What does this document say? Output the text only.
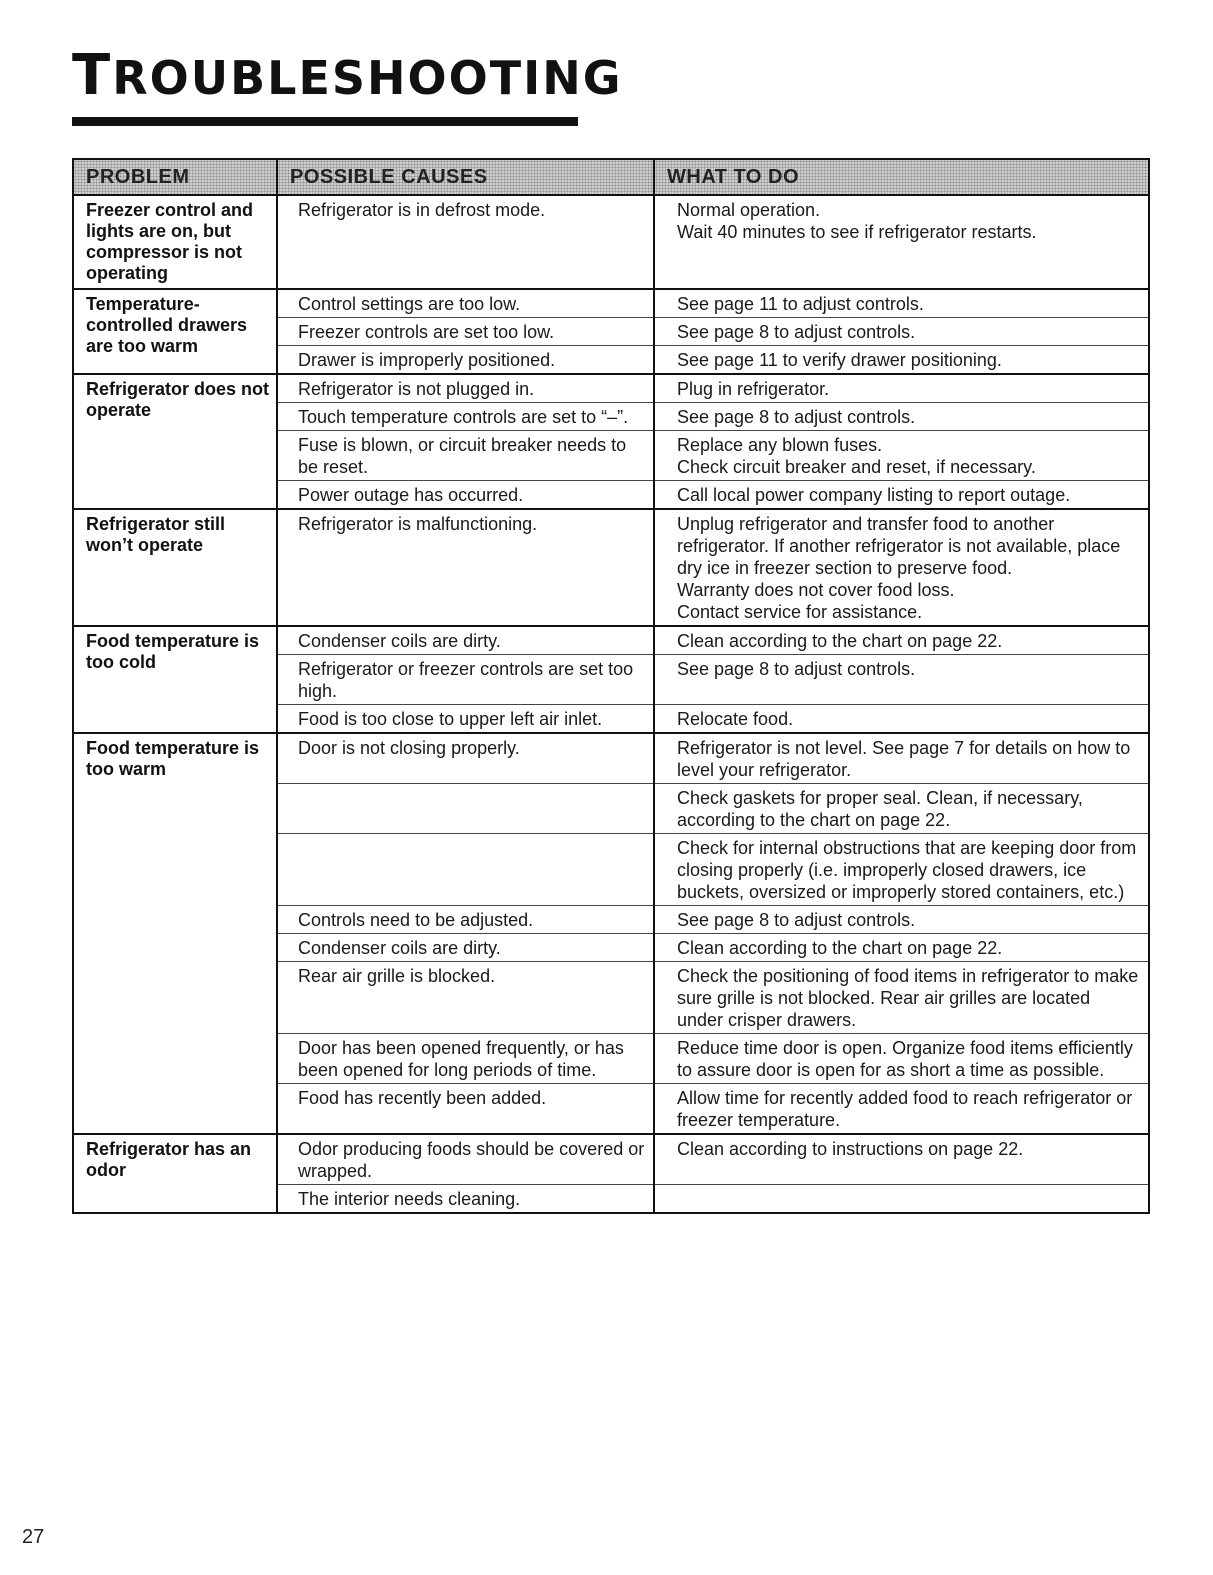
TROUBLESHOOTING
PROBLEM	POSSIBLE CAUSES	WHAT TO DO
Freezer control and lights are on, but compressor is not operating	Refrigerator is in defrost mode.	Normal operation.
Wait 40 minutes to see if refrigerator restarts.

Temperature-controlled drawers are too warm	Control settings are too low.	See page 11 to adjust controls.

	Freezer controls are set too low.	See page 8 to adjust controls.

	Drawer is improperly positioned.	See page 11 to verify drawer positioning.

Refrigerator does not operate	Refrigerator is not plugged in.	Plug in refrigerator.

	Touch temperature controls are set to “–”.	See page 8 to adjust controls.

	Fuse is blown, or circuit breaker needs to be reset.	Replace any blown fuses.
Check circuit breaker and reset, if necessary.

	Power outage has occurred.	Call local power company listing to report outage.

Refrigerator still won’t operate	Refrigerator is malfunctioning.	Unplug refrigerator and transfer food to another refrigerator. If another refrigerator is not available, place dry ice in freezer section to preserve food.
Warranty does not cover food loss.
Contact service for assistance.

Food temperature is too cold	Condenser coils are dirty.	Clean according to the chart on page 22.

	Refrigerator or freezer controls are set too high.	See page 8 to adjust controls.

	Food is too close to upper left air inlet.	Relocate food.

Food temperature is too warm	Door is not closing properly.	Refrigerator is not level. See page 7 for details on how to level your refrigerator.

		Check gaskets for proper seal. Clean, if necessary, according to the chart on page 22.

		Check for internal obstructions that are keeping door from closing properly (i.e. improperly closed drawers, ice buckets, oversized or improperly stored containers, etc.)

	Controls need to be adjusted.	See page 8 to adjust controls.

	Condenser coils are dirty.	Clean according to the chart on page 22.

	Rear air grille is blocked.	Check the positioning of food items in refrigerator to make sure grille is not blocked. Rear air grilles are located under crisper drawers.

	Door has been opened frequently, or has been opened for long periods of time.	Reduce time door is open. Organize food items efficiently to assure door is open for as short a time as possible.

	Food has recently been added.	Allow time for recently added food to reach refrigerator or freezer temperature.

Refrigerator has an odor	Odor producing foods should be covered or wrapped.	Clean according to instructions on page 22.

	The interior needs cleaning.	
27
